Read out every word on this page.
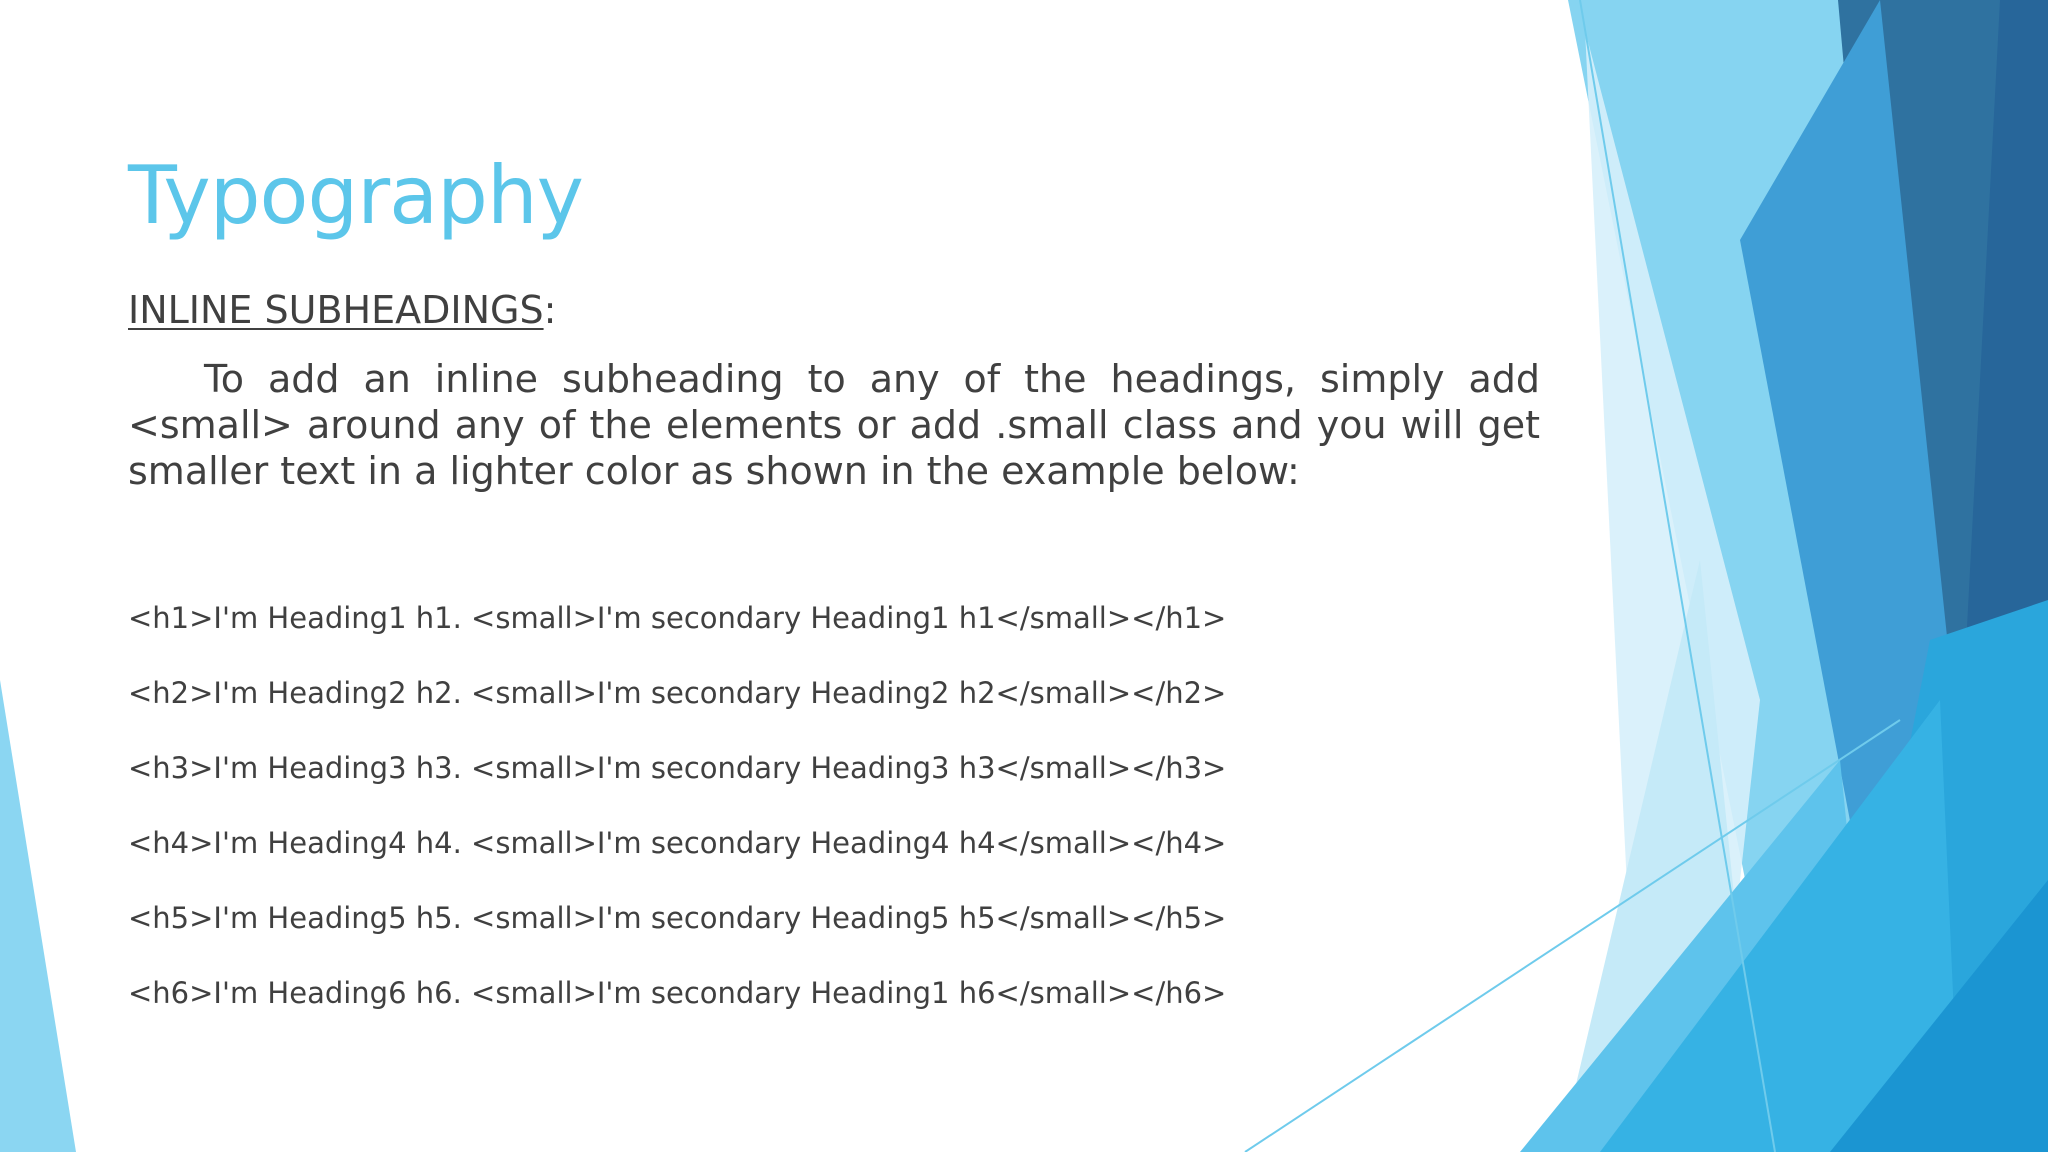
Typography
INLINE SUBHEADINGS:

To add an inline subheading to any of the headings, simply add <small> around any of the elements or add .small class and you will get smaller text in a lighter color as shown in the example below:

<h1>I'm Heading1 h1. <small>I'm secondary Heading1 h1</small></h1>
<h2>I'm Heading2 h2. <small>I'm secondary Heading2 h2</small></h2>
<h3>I'm Heading3 h3. <small>I'm secondary Heading3 h3</small></h3>
<h4>I'm Heading4 h4. <small>I'm secondary Heading4 h4</small></h4>
<h5>I'm Heading5 h5. <small>I'm secondary Heading5 h5</small></h5>
<h6>I'm Heading6 h6. <small>I'm secondary Heading1 h6</small></h6>
